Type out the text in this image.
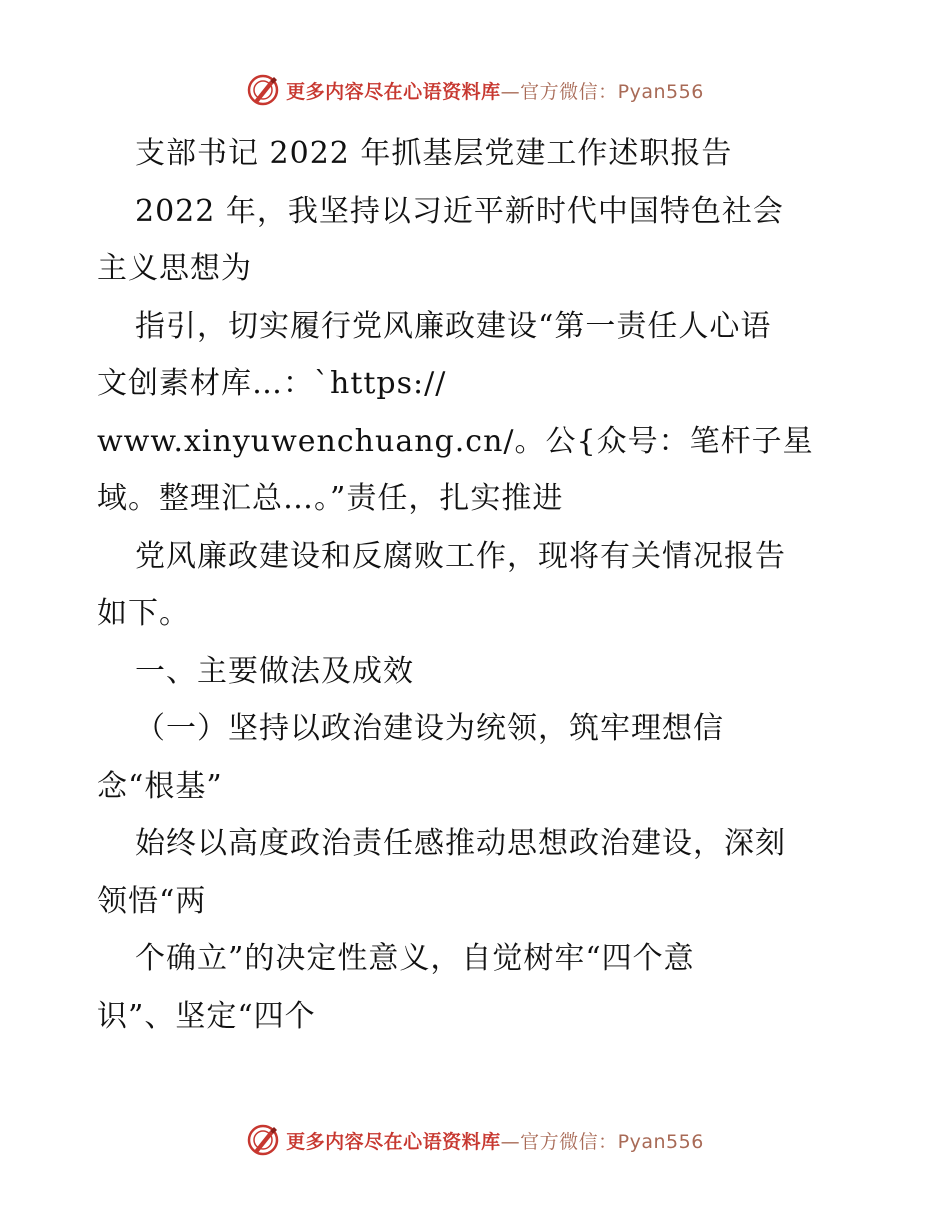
更多内容尽在心语资料库—官方微信：Pyan556
支部书记 2022 年抓基层党建工作述职报告
2022 年，我坚持以习近平新时代中国特色社会
主义思想为
指引，切实履行党风廉政建设“第一责任人心语
文创素材库…：`https://
www.xinyuwenchuang.cn/。公{众号：笔杆子星
域。整理汇总…。”责任，扎实推进
党风廉政建设和反腐败工作，现将有关情况报告
如下。
一、主要做法及成效
（一）坚持以政治建设为统领，筑牢理想信
念“根基”
始终以高度政治责任感推动思想政治建设，深刻
领悟“两
个确立”的决定性意义，自觉树牢“四个意
识”、坚定“四个
更多内容尽在心语资料库—官方微信：Pyan556
